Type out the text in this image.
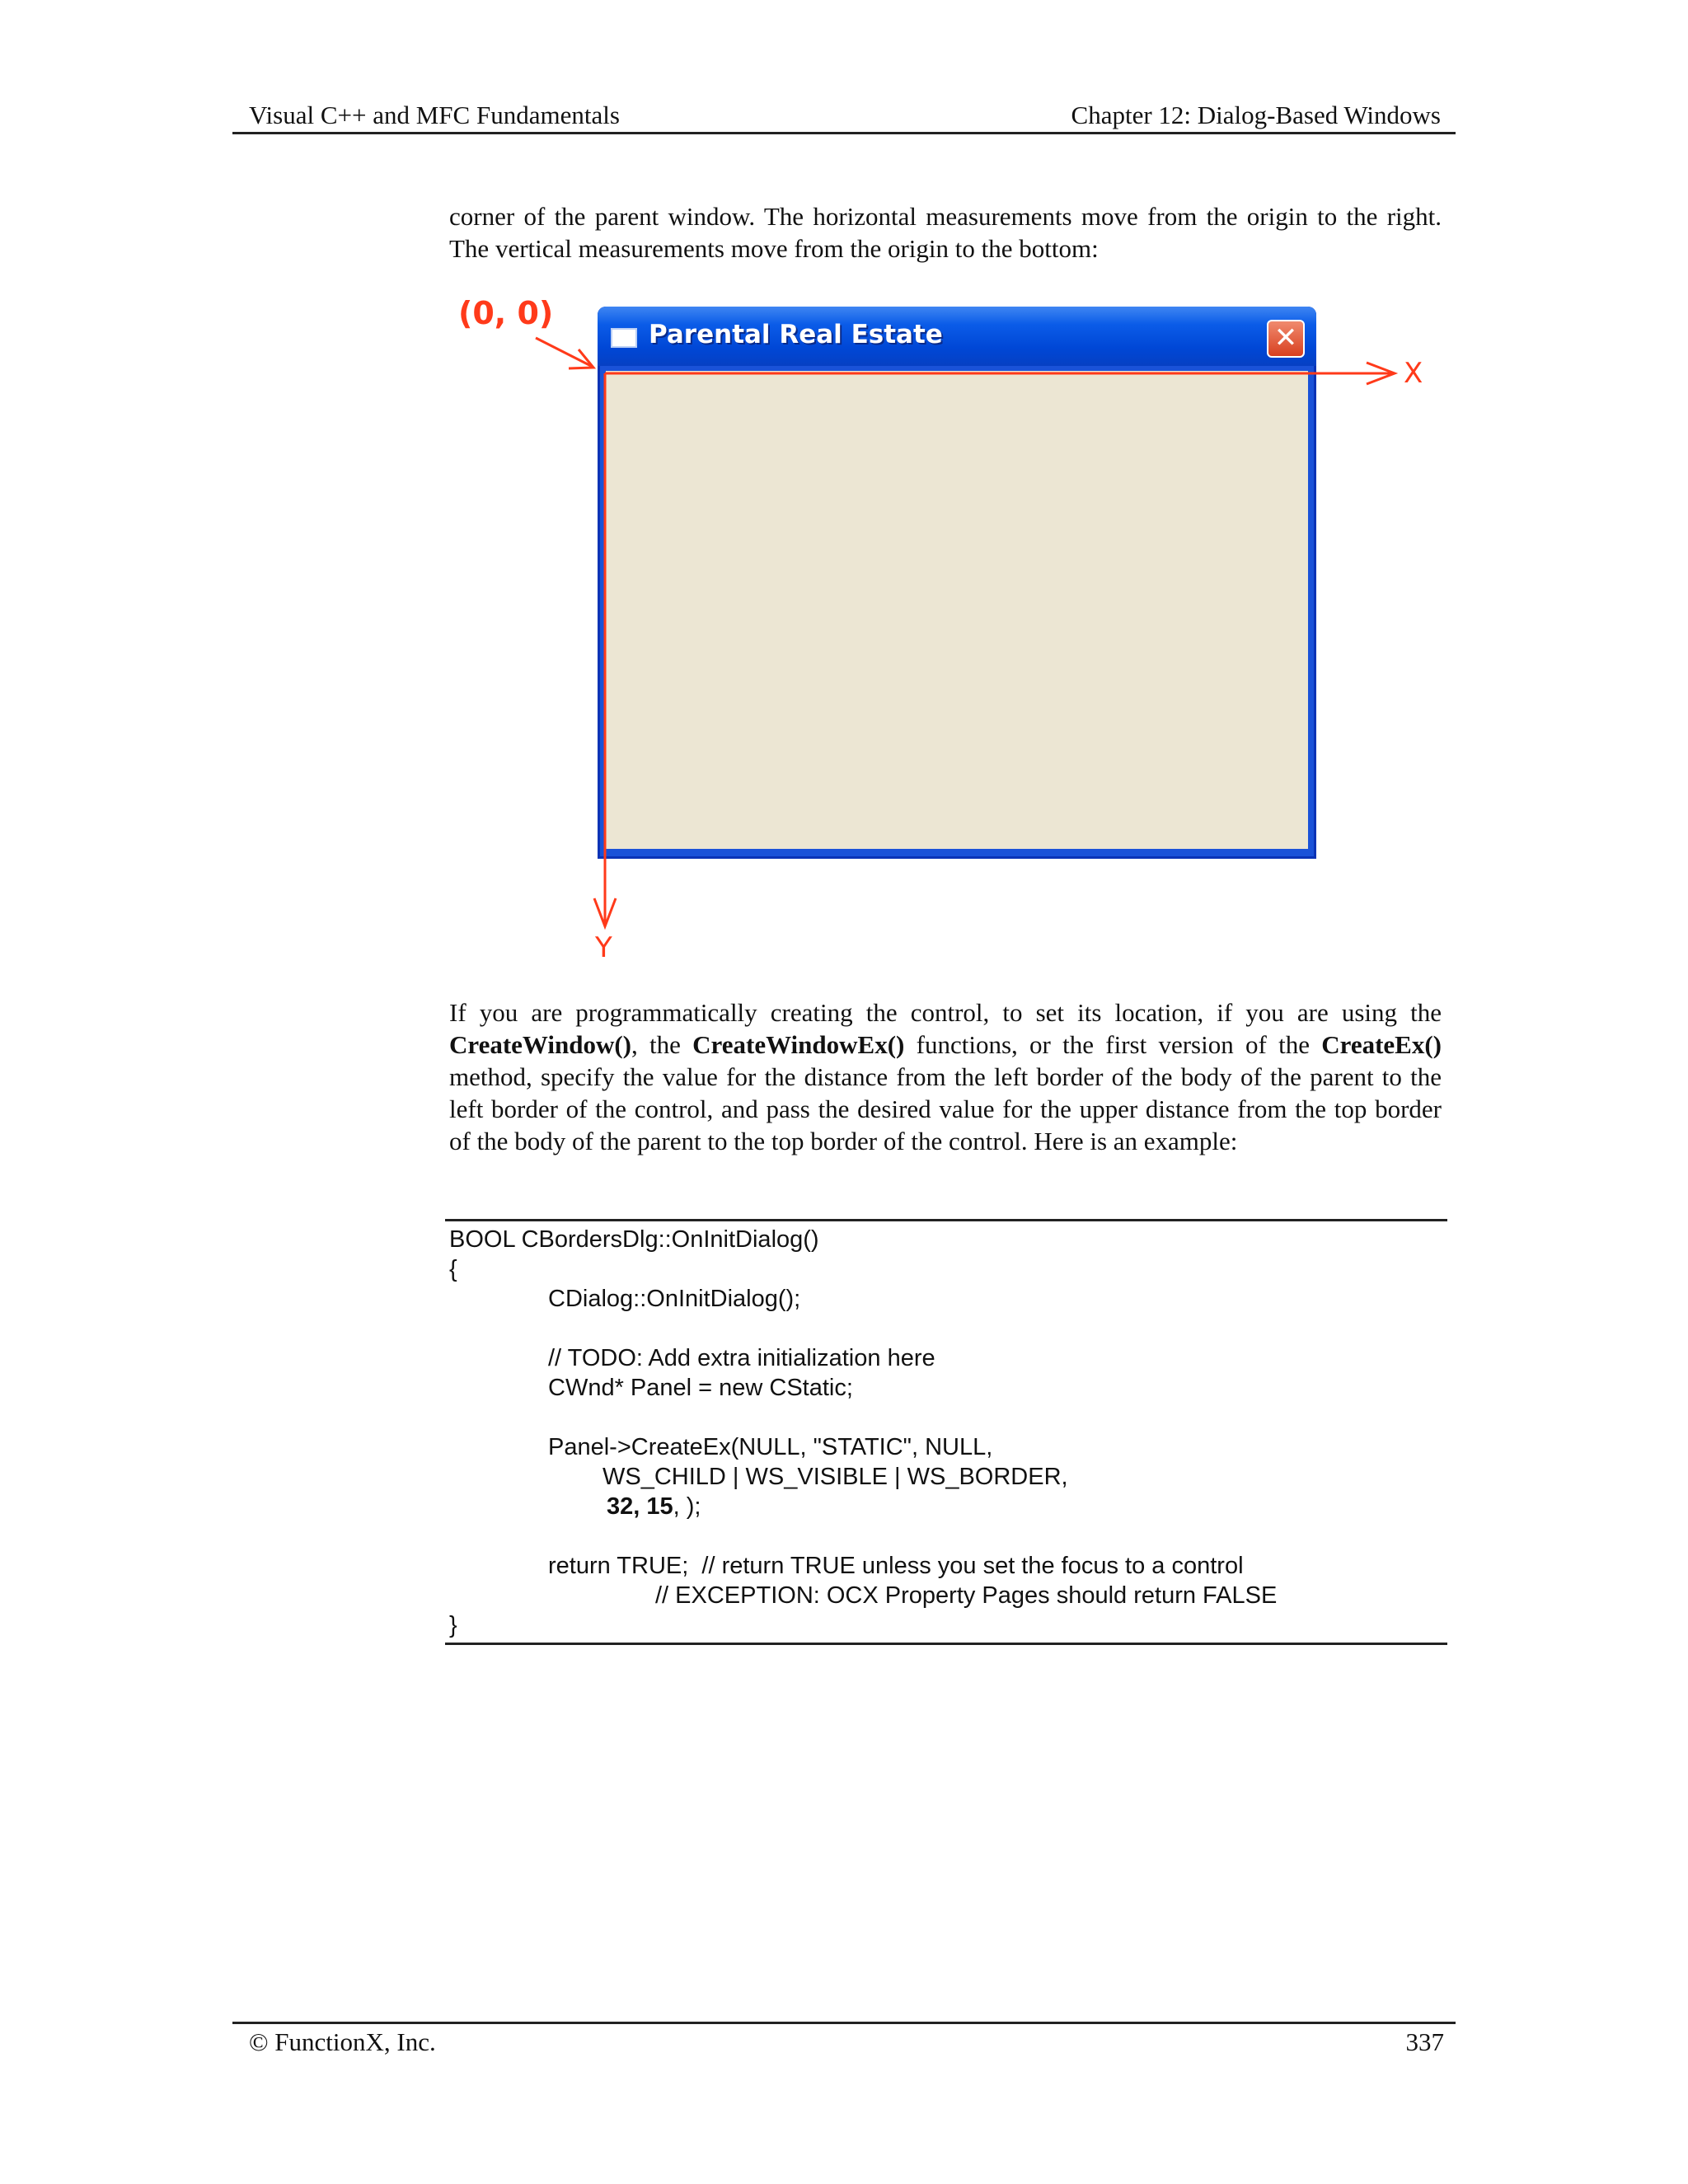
Visual C++ and MFC Fundamentals	Chapter 12: Dialog-Based Windows
corner of the parent window. The horizontal measurements move from the origin to the right. The vertical measurements move from the origin to the bottom:
(0, 0)
Parental Real Estate	✕
X
Y
If you are programmatically creating the control, to set its location, if you are using the CreateWindow(), the CreateWindowEx() functions, or the first version of the CreateEx() method, specify the value for the distance from the left border of the body of the parent to the left border of the control, and pass the desired value for the upper distance from the top border of the body of the parent to the top border of the control. Here is an example:
BOOL CBordersDlg::OnInitDialog()
{
CDialog::OnInitDialog();
// TODO: Add extra initialization here
CWnd* Panel = new CStatic;
Panel->CreateEx(NULL, "STATIC", NULL,
WS_CHILD | WS_VISIBLE | WS_BORDER,
32, 15, );
return TRUE;  // return TRUE unless you set the focus to a control
// EXCEPTION: OCX Property Pages should return FALSE
}
© FunctionX, Inc.	337
